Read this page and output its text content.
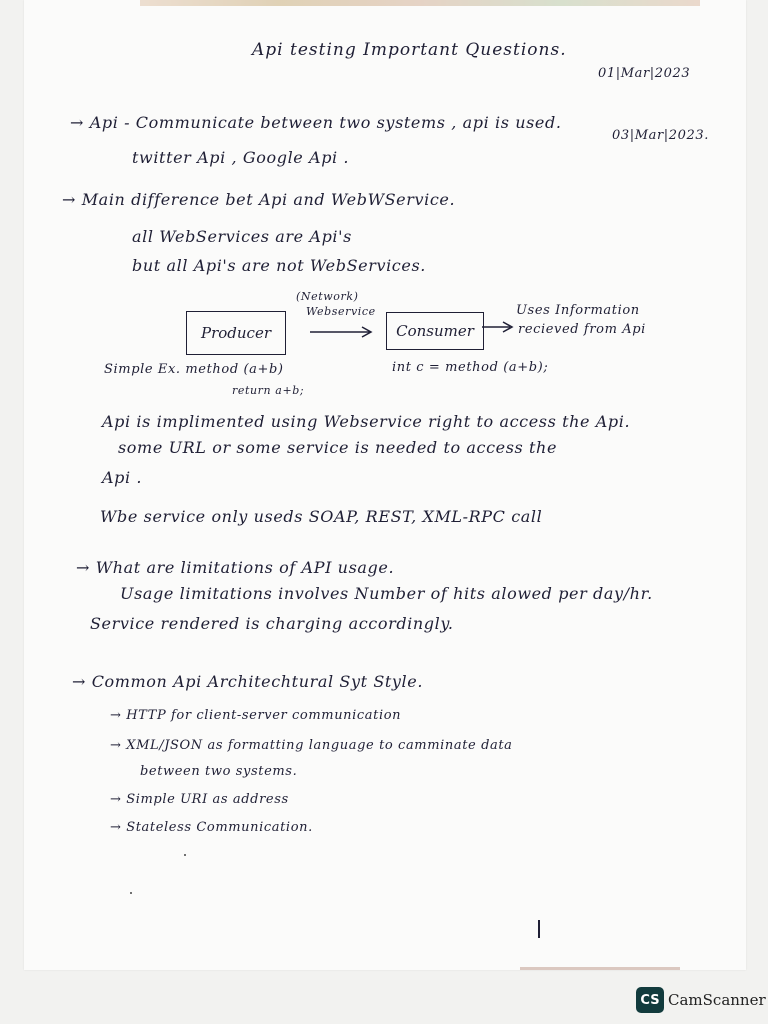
Api testing Important Questions.
01|Mar|2023
03|Mar|2023.
→ Api - Communicate between two systems , api is used.
twitter Api , Google Api .
→ Main difference bet Api and WebWService.
all WebServices are Api's
but all Api's are not WebServices.
(Network)
Webservice
Producer	Consumer
Uses Information
recieved from Api
Simple Ex. method (a+b)	int c = method (a+b);
return a+b;
Api is implimented using Webservice right to access the Api.
some URL or some service is needed to access the
Api .
Wbe service only useds SOAP, REST, XML-RPC call
→ What are limitations of API usage.
Usage limitations involves Number of hits alowed per day/hr.
Service rendered is charging accordingly.
→ Common Api Architechtural Syt Style.
→ HTTP for client-server communication
→ XML/JSON as formatting language to camminate data
between two systems.
→ Simple URI as address
→ Stateless Communication.
CS CamScanner
